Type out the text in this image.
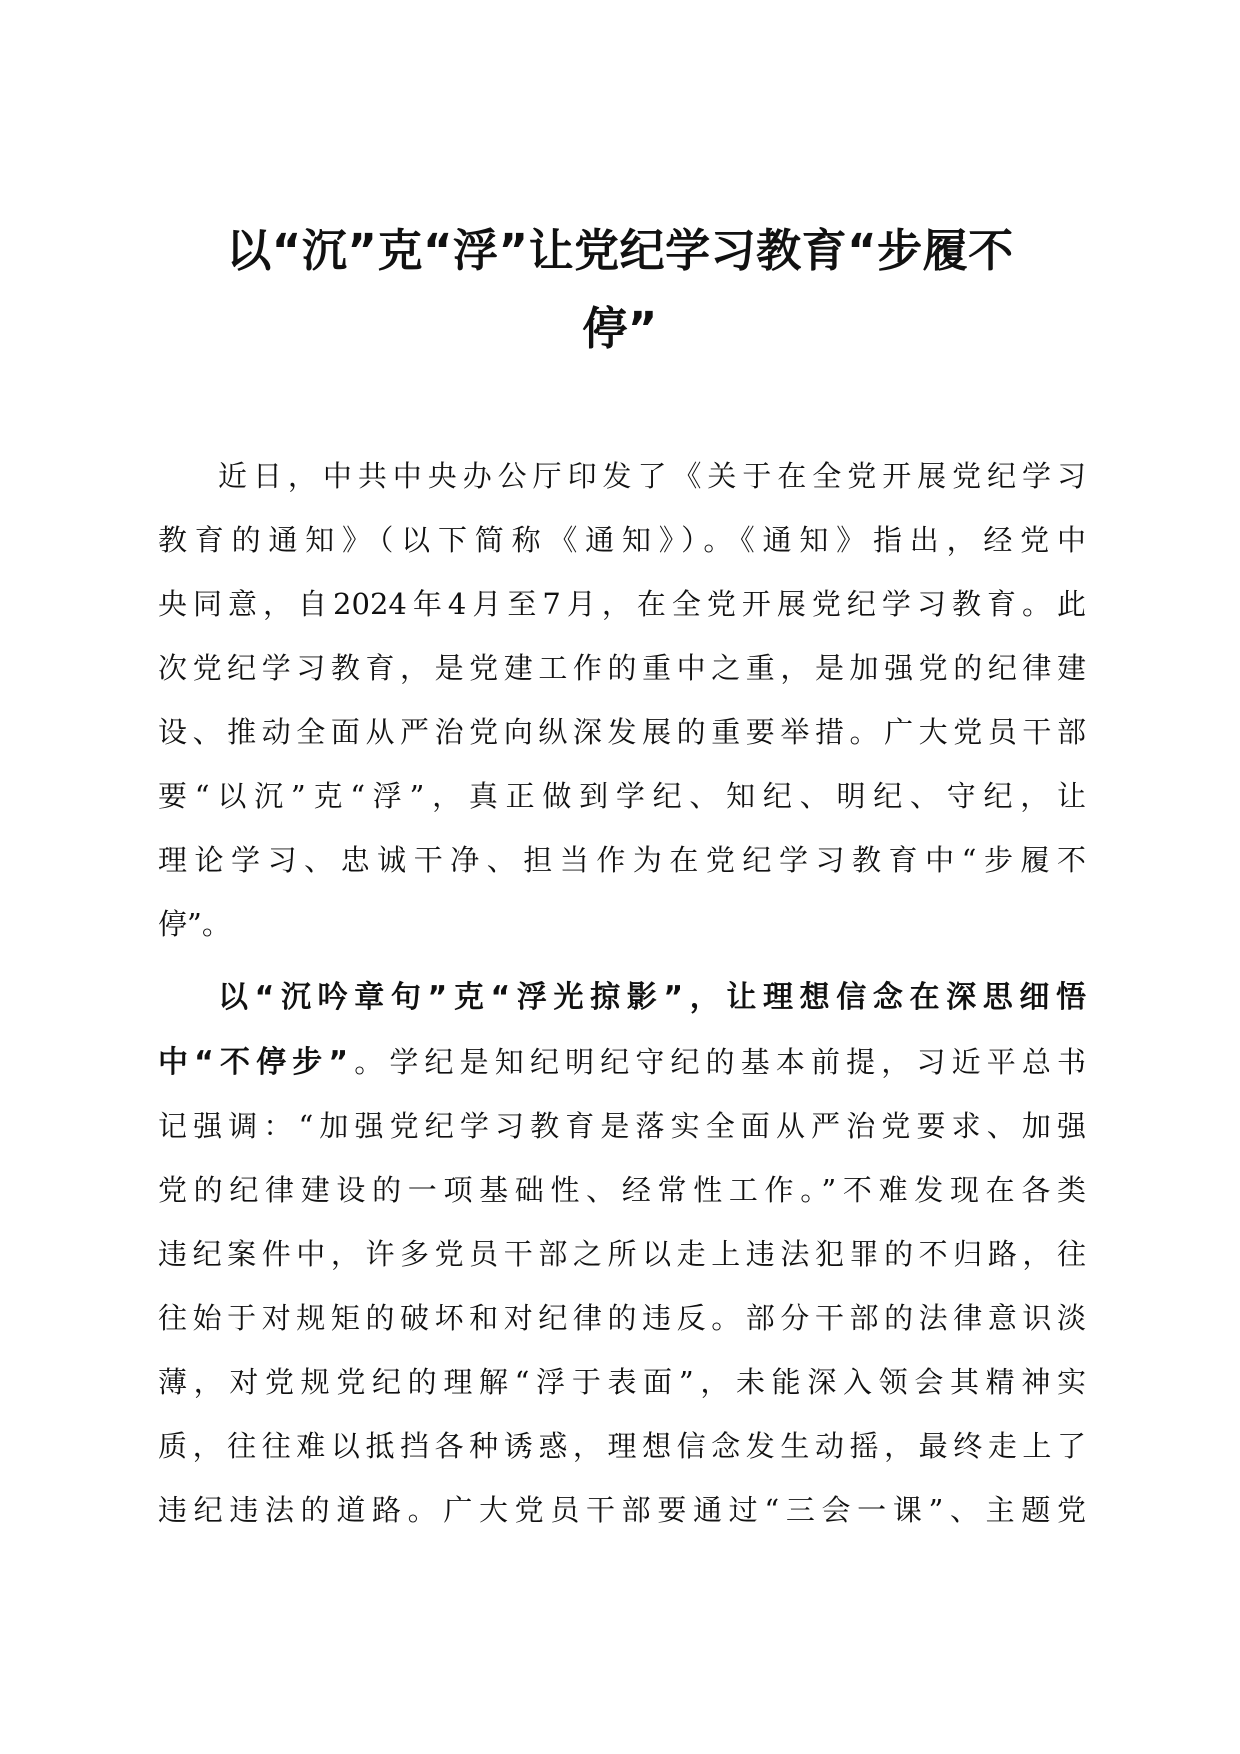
以“沉”克“浮”让党纪学习教育“步履不
停”
近日，中共中央办公厅印发了《关于在全党开展党纪学习
教育的通知》（以下简称《通知》）。《通知》指出，经党中
央同意，自2024年4月至7月，在全党开展党纪学习教育。此
次党纪学习教育，是党建工作的重中之重，是加强党的纪律建
设、推动全面从严治党向纵深发展的重要举措。广大党员干部
要“以沉”克“浮”，真正做到学纪、知纪、明纪、守纪，让
理论学习、忠诚干净、担当作为在党纪学习教育中“步履不
停”。
以“沉吟章句”克“浮光掠影”，让理想信念在深思细悟
中“不停步”。学纪是知纪明纪守纪的基本前提，习近平总书
记强调：“加强党纪学习教育是落实全面从严治党要求、加强
党的纪律建设的一项基础性、经常性工作。”不难发现在各类
违纪案件中，许多党员干部之所以走上违法犯罪的不归路，往
往始于对规矩的破坏和对纪律的违反。部分干部的法律意识淡
薄，对党规党纪的理解“浮于表面”，未能深入领会其精神实
质，往往难以抵挡各种诱惑，理想信念发生动摇，最终走上了
违纪违法的道路。广大党员干部要通过“三会一课”、主题党
